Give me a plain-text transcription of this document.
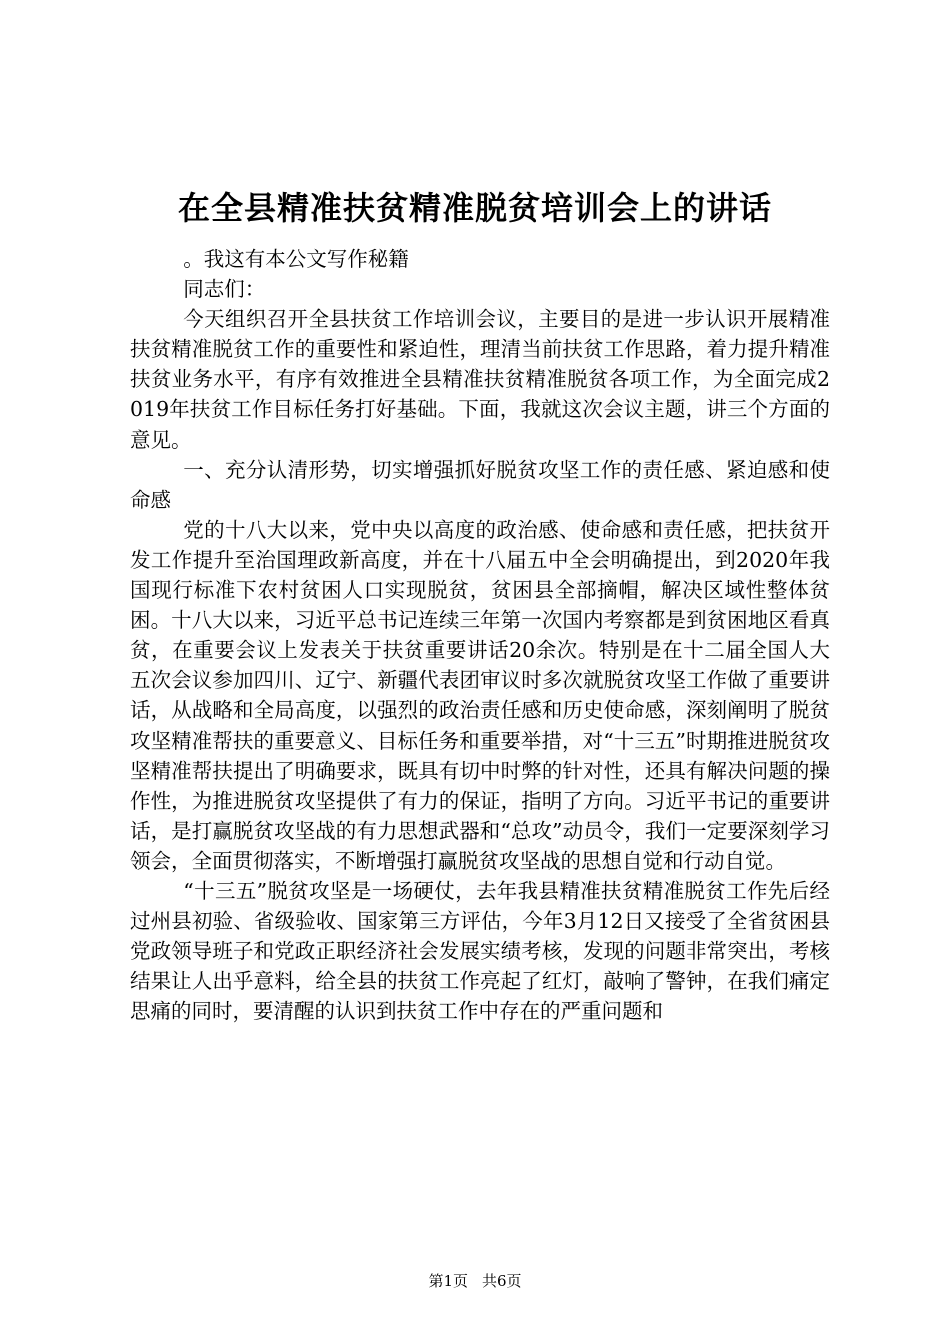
在全县精准扶贫精准脱贫培训会上的讲话

。我这有本公文写作秘籍

同志们：

今天组织召开全县扶贫工作培训会议，主要目的是进一步认识开展精准扶贫精准脱贫工作的重要性和紧迫性，理清当前扶贫工作思路，着力提升精准扶贫业务水平，有序有效推进全县精准扶贫精准脱贫各项工作，为全面完成2019年扶贫工作目标任务打好基础。下面，我就这次会议主题，讲三个方面的意见。

一、充分认清形势，切实增强抓好脱贫攻坚工作的责任感、紧迫感和使命感

党的十八大以来，党中央以高度的政治感、使命感和责任感，把扶贫开发工作提升至治国理政新高度，并在十八届五中全会明确提出，到2020年我国现行标准下农村贫困人口实现脱贫，贫困县全部摘帽，解决区域性整体贫困。十八大以来，习近平总书记连续三年第一次国内考察都是到贫困地区看真贫，在重要会议上发表关于扶贫重要讲话20余次。特别是在十二届全国人大五次会议参加四川、辽宁、新疆代表团审议时多次就脱贫攻坚工作做了重要讲话，从战略和全局高度，以强烈的政治责任感和历史使命感，深刻阐明了脱贫攻坚精准帮扶的重要意义、目标任务和重要举措，对“十三五”时期推进脱贫攻坚精准帮扶提出了明确要求，既具有切中时弊的针对性，还具有解决问题的操作性，为推进脱贫攻坚提供了有力的保证，指明了方向。习近平书记的重要讲话，是打赢脱贫攻坚战的有力思想武器和“总攻”动员令，我们一定要深刻学习领会，全面贯彻落实，不断增强打赢脱贫攻坚战的思想自觉和行动自觉。

“十三五”脱贫攻坚是一场硬仗，去年我县精准扶贫精准脱贫工作先后经过州县初验、省级验收、国家第三方评估，今年3月12日又接受了全省贫困县党政领导班子和党政正职经济社会发展实绩考核，发现的问题非常突出，考核结果让人出乎意料，给全县的扶贫工作亮起了红灯，敲响了警钟，在我们痛定思痛的同时，要清醒的认识到扶贫工作中存在的严重问题和

第1页 共6页
